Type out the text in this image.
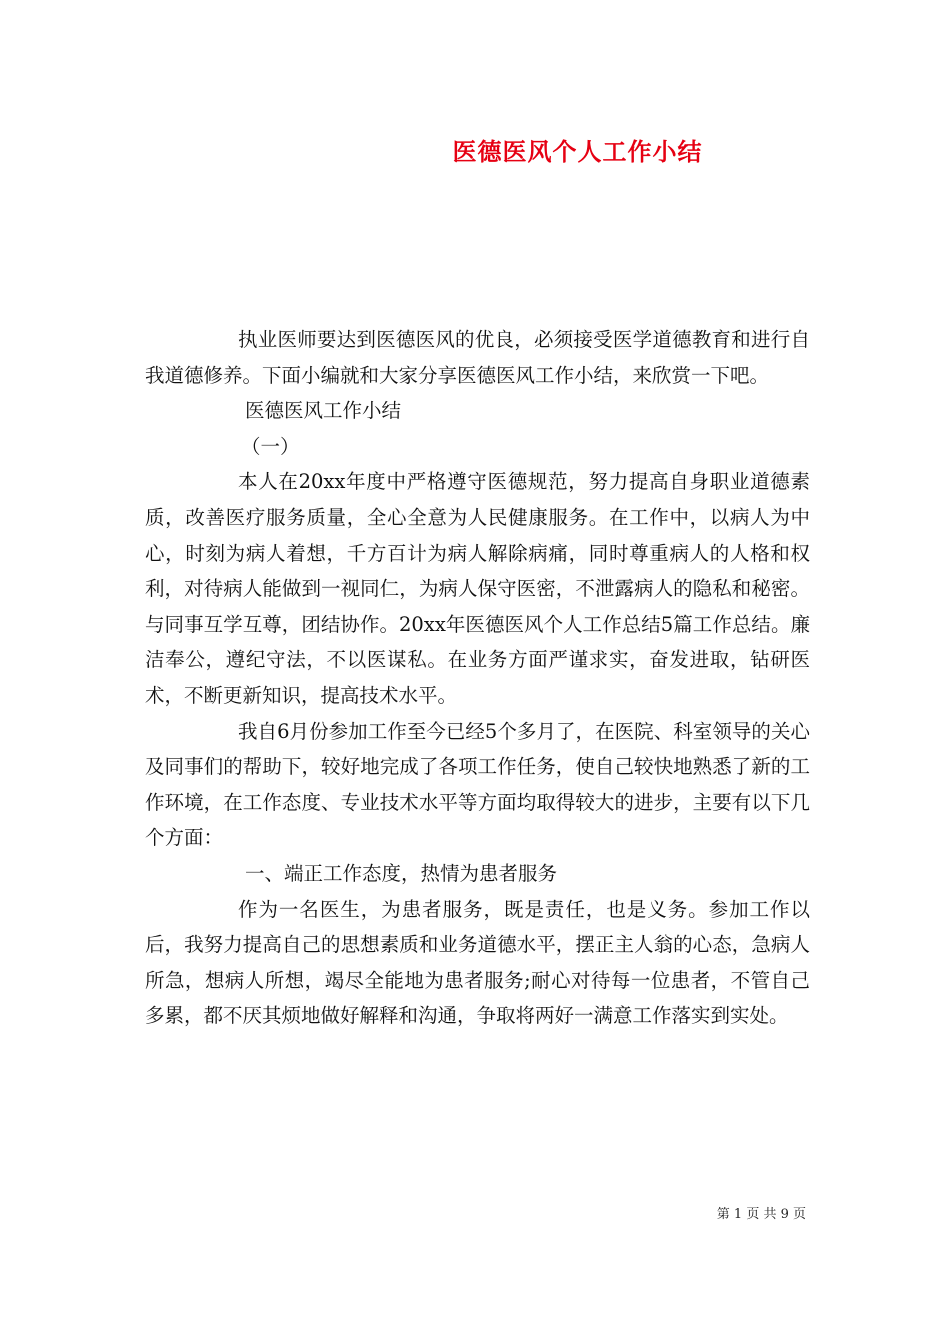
医德医风个人工作小结

执业医师要达到医德医风的优良，必须接受医学道德教育和进行自我道德修养。下面小编就和大家分享医德医风工作小结，来欣赏一下吧。

医德医风工作小结

（一）

本人在20xx年度中严格遵守医德规范，努力提高自身职业道德素质，改善医疗服务质量，全心全意为人民健康服务。在工作中，以病人为中心，时刻为病人着想，千方百计为病人解除病痛，同时尊重病人的人格和权利，对待病人能做到一视同仁，为病人保守医密，不泄露病人的隐私和秘密。与同事互学互尊，团结协作。20xx年医德医风个人工作总结5篇工作总结。廉洁奉公，遵纪守法，不以医谋私。在业务方面严谨求实，奋发进取，钻研医术，不断更新知识，提高技术水平。

我自6月份参加工作至今已经5个多月了，在医院、科室领导的关心及同事们的帮助下，较好地完成了各项工作任务，使自己较快地熟悉了新的工作环境，在工作态度、专业技术水平等方面均取得较大的进步，主要有以下几个方面：

一、端正工作态度，热情为患者服务

作为一名医生，为患者服务，既是责任，也是义务。参加工作以后，我努力提高自己的思想素质和业务道德水平，摆正主人翁的心态，急病人所急，想病人所想，竭尽全能地为患者服务;耐心对待每一位患者，不管自己多累，都不厌其烦地做好解释和沟通，争取将两好一满意工作落实到实处。

第 1 页 共 9 页
